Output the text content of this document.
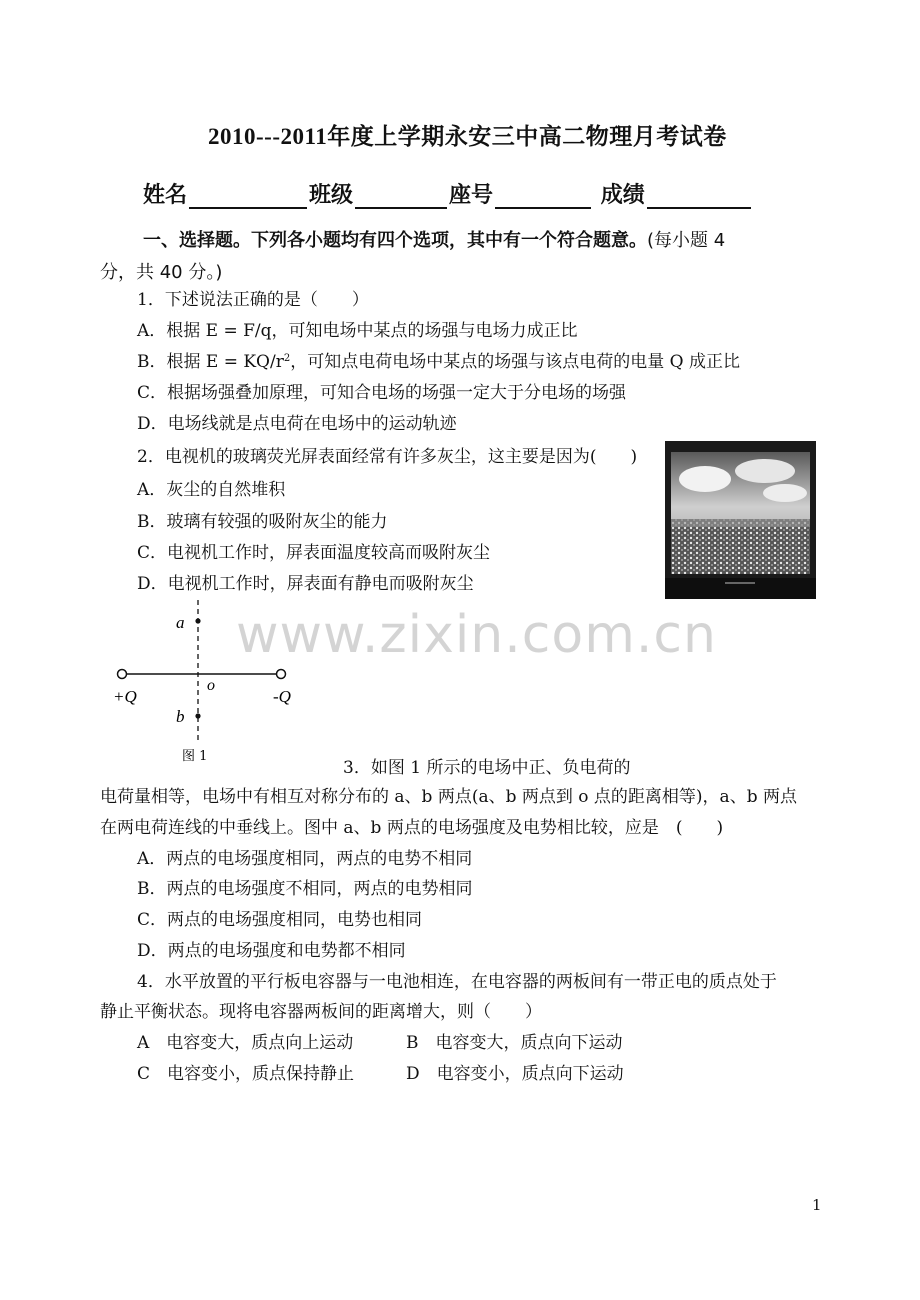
2010---2011年度上学期永安三中高二物理月考试卷
姓名	班级	座号	成绩
一、选择题。下列各小题均有四个选项，其中有一个符合题意。(每小题 4
分，共 40 分。)
1．下述说法正确的是（　　）
A．根据 E = F/q，可知电场中某点的场强与电场力成正比
B．根据 $E = KQ/r^2$，可知点电荷电场中某点的场强与该点电荷的电量 Q 成正比
C．根据场强叠加原理，可知合电场的场强一定大于分电场的场强
D．电场线就是点电荷在电场中的运动轨迹
2．电视机的玻璃荧光屏表面经常有许多灰尘，这主要是因为(　　)
A．灰尘的自然堆积
B．玻璃有较强的吸附灰尘的能力
C．电视机工作时，屏表面温度较高而吸附灰尘
D．电视机工作时，屏表面有静电而吸附灰尘
a
b
o
+Q	-Q
图 1
3．如图 1 所示的电场中正、负电荷的
电荷量相等，电场中有相互对称分布的 a、b 两点(a、b 两点到 o 点的距离相等)，a、b 两点
在两电荷连线的中垂线上。图中 a、b 两点的电场强度及电势相比较，应是　(　　)
A．两点的电场强度相同，两点的电势不相同
B．两点的电场强度不相同，两点的电势相同
C．两点的电场强度相同，电势也相同
D．两点的电场强度和电势都不相同
4．水平放置的平行板电容器与一电池相连，在电容器的两板间有一带正电的质点处于
静止平衡状态。现将电容器两板间的距离增大，则（　　）
A　电容变大，质点向上运动	B　电容变大，质点向下运动
C　电容变小，质点保持静止	D　电容变小，质点向下运动
www.zixin.com.cn
1
